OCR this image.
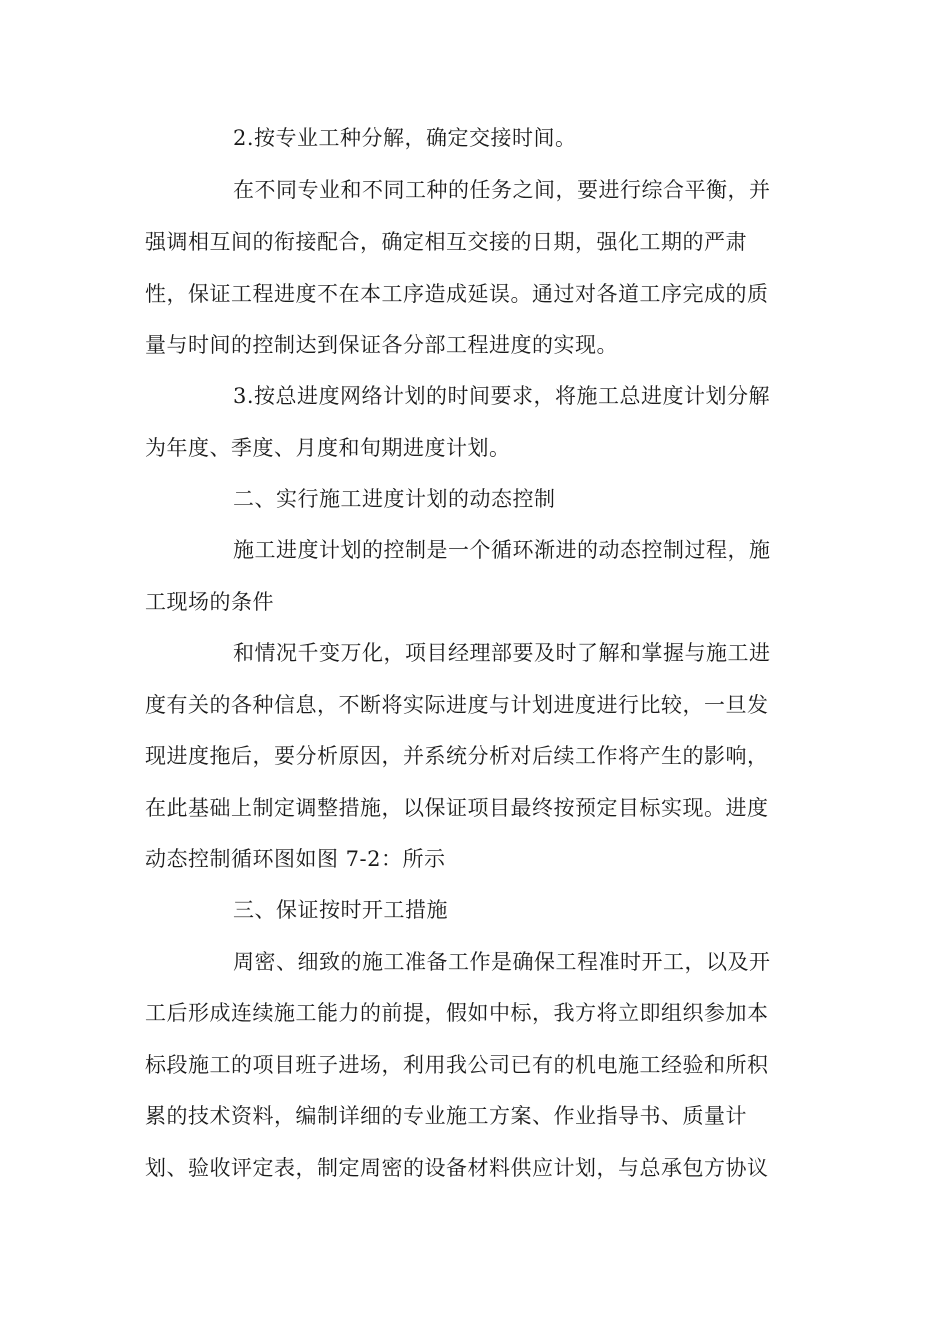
2.按专业工种分解，确定交接时间。
在不同专业和不同工种的任务之间，要进行综合平衡，并
强调相互间的衔接配合，确定相互交接的日期，强化工期的严肃
性，保证工程进度不在本工序造成延误。通过对各道工序完成的质
量与时间的控制达到保证各分部工程进度的实现。
3.按总进度网络计划的时间要求，将施工总进度计划分解
为年度、季度、月度和旬期进度计划。
二、实行施工进度计划的动态控制
施工进度计划的控制是一个循环渐进的动态控制过程，施
工现场的条件
和情况千变万化，项目经理部要及时了解和掌握与施工进
度有关的各种信息，不断将实际进度与计划进度进行比较，一旦发
现进度拖后，要分析原因，并系统分析对后续工作将产生的影响，
在此基础上制定调整措施，以保证项目最终按预定目标实现。进度
动态控制循环图如图 7-2：所示
三、保证按时开工措施
周密、细致的施工准备工作是确保工程准时开工，以及开
工后形成连续施工能力的前提，假如中标，我方将立即组织参加本
标段施工的项目班子进场，利用我公司已有的机电施工经验和所积
累的技术资料，编制详细的专业施工方案、作业指导书、质量计
划、验收评定表，制定周密的设备材料供应计划，与总承包方协议
